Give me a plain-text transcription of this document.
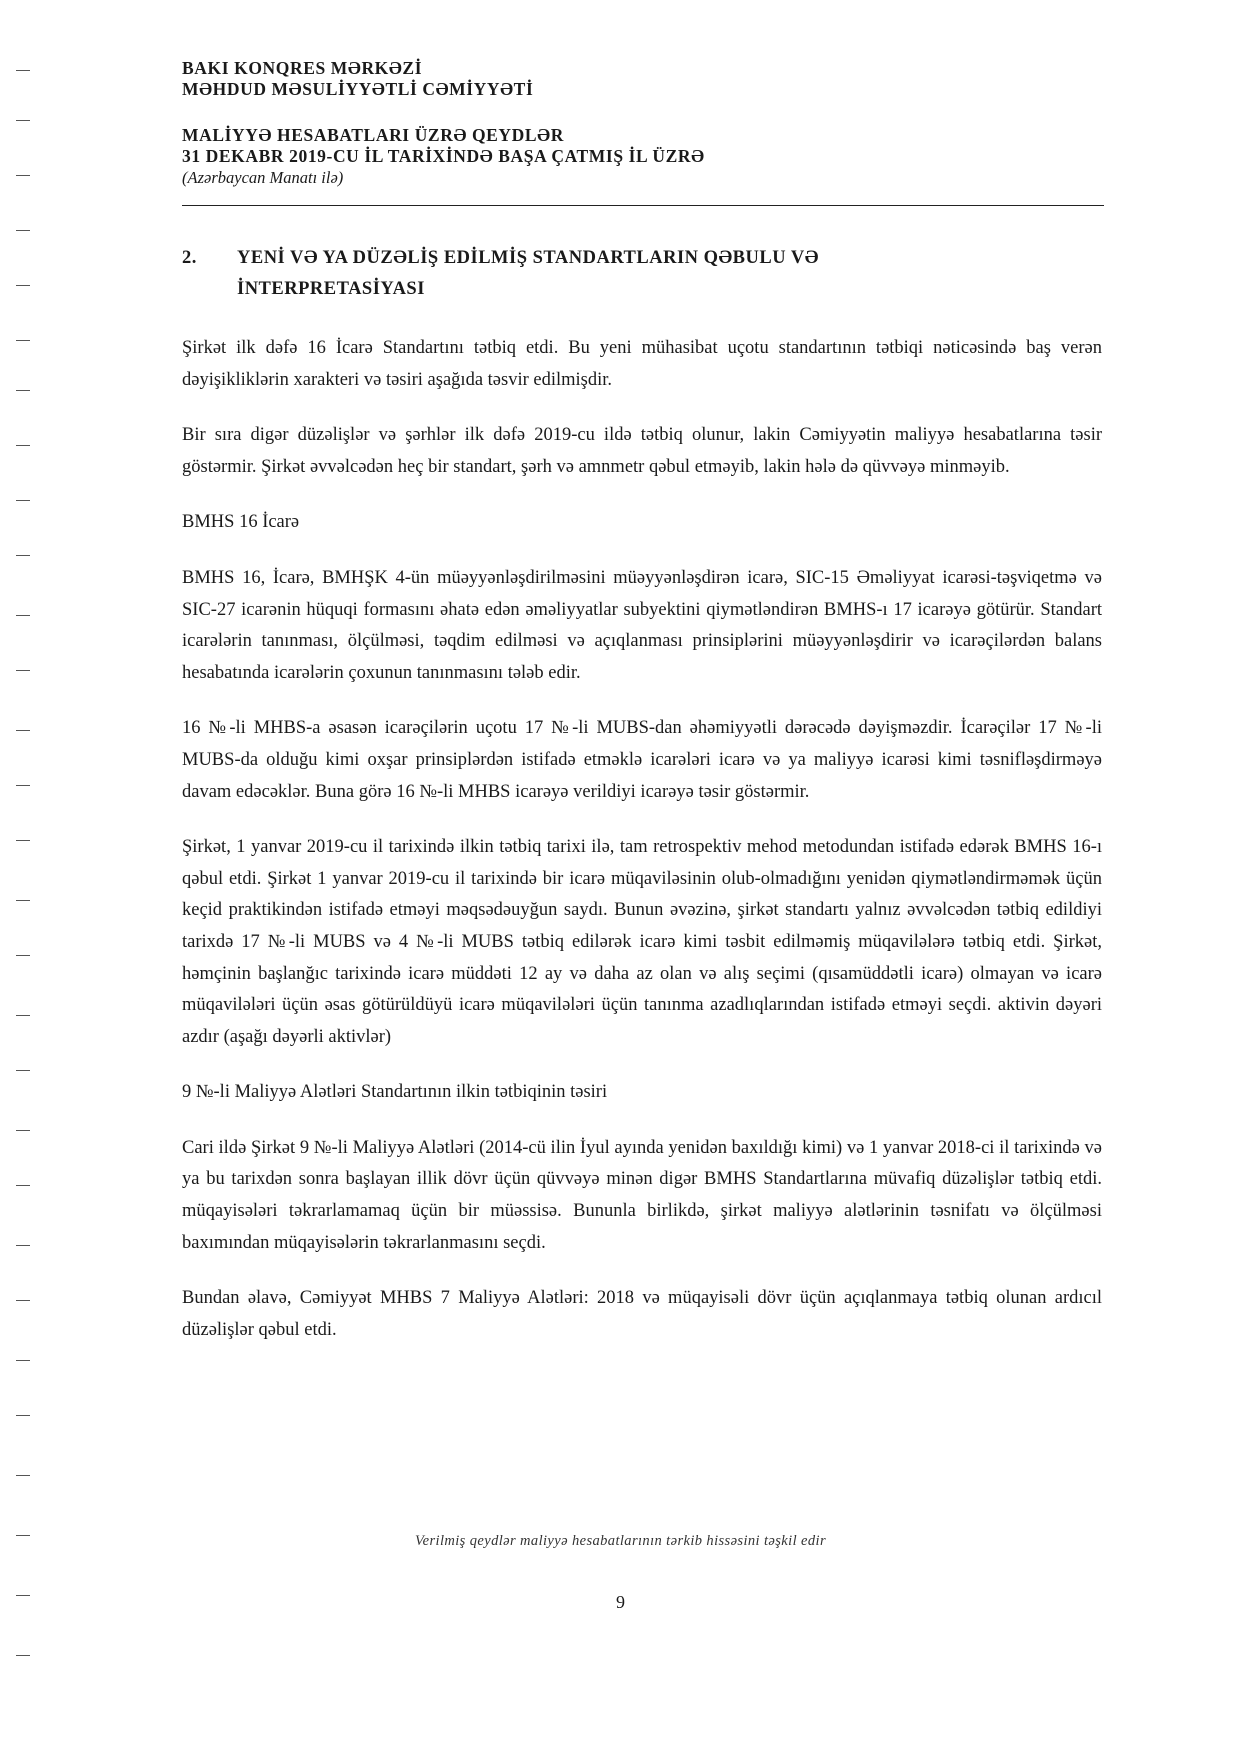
BAKI KONQRES MƏRKƏZİ
MƏHDUD MƏSULİYYƏTLİ CƏMİYYƏTİ
MALİYYƏ HESABATLARI ÜZRƏ QEYDLƏR
31 DEKABR 2019-CU İL TARİXİNDƏ BAŞA ÇATMIŞ İL ÜZRƏ
(Azərbaycan Manatı ilə)
2. YENİ VƏ YA DÜZƏLİŞ EDİLMİŞ STANDARTLARIN QƏBULU VƏ
İNTERPRETASİYASI

Şirkət ilk dəfə 16 İcarə Standartını tətbiq etdi. Bu yeni mühasibat uçotu standartının tətbiqi nəticəsində baş verən dəyişikliklərin xarakteri və təsiri aşağıda təsvir edilmişdir.

Bir sıra digər düzəlişlər və şərhlər ilk dəfə 2019-cu ildə tətbiq olunur, lakin Cəmiyyətin maliyyə hesabatlarına təsir göstərmir. Şirkət əvvəlcədən heç bir standart, şərh və amnmetr qəbul etməyib, lakin hələ də qüvvəyə minməyib.

BMHS 16 İcarə

BMHS 16, İcarə, BMHŞK 4-ün müəyyənləşdirilməsini müəyyənləşdirən icarə, SIC-15 Əməliyyat icarəsi-təşviqetmə və SIC-27 icarənin hüquqi formasını əhatə edən əməliyyatlar subyektini qiymətləndirən BMHS-ı 17 icarəyə götürür. Standart icarələrin tanınması, ölçülməsi, təqdim edilməsi və açıqlanması prinsiplərini müəyyənləşdirir və icarəçilərdən balans hesabatında icarələrin çoxunun tanınmasını tələb edir.

16 №-li MHBS-a əsasən icarəçilərin uçotu 17 №-li MUBS-dan əhəmiyyətli dərəcədə dəyişməzdir. İcarəçilər 17 №-li MUBS-da olduğu kimi oxşar prinsiplərdən istifadə etməklə icarələri icarə və ya maliyyə icarəsi kimi təsnifləşdirməyə davam edəcəklər. Buna görə 16 №-li MHBS icarəyə verildiyi icarəyə təsir göstərmir.

Şirkət, 1 yanvar 2019-cu il tarixində ilkin tətbiq tarixi ilə, tam retrospektiv mehod metodundan istifadə edərək BMHS 16-ı qəbul etdi. Şirkət 1 yanvar 2019-cu il tarixində bir icarə müqaviləsinin olub-olmadığını yenidən qiymətləndirməmək üçün keçid praktikindən istifadə etməyi məqsədəuyğun saydı. Bunun əvəzinə, şirkət standartı yalnız əvvəlcədən tətbiq edildiyi tarixdə 17 №-li MUBS və 4 №-li MUBS tətbiq edilərək icarə kimi təsbit edilməmiş müqavilələrə tətbiq etdi. Şirkət, həmçinin başlanğıc tarixində icarə müddəti 12 ay və daha az olan və alış seçimi (qısamüddətli icarə) olmayan və icarə müqavilələri üçün əsas götürüldüyü icarə müqavilələri üçün tanınma azadlıqlarından istifadə etməyi seçdi. aktivin dəyəri azdır (aşağı dəyərli aktivlər)

9 №-li Maliyyə Alətləri Standartının ilkin tətbiqinin təsiri

Cari ildə Şirkət 9 №-li Maliyyə Alətləri (2014-cü ilin İyul ayında yenidən baxıldığı kimi) və 1 yanvar 2018-ci il tarixində və ya bu tarixdən sonra başlayan illik dövr üçün qüvvəyə minən digər BMHS Standartlarına müvafiq düzəlişlər tətbiq etdi. müqayisələri təkrarlamamaq üçün bir müəssisə. Bununla birlikdə, şirkət maliyyə alətlərinin təsnifatı və ölçülməsi baxımından müqayisələrin təkrarlanmasını seçdi.

Bundan əlavə, Cəmiyyət MHBS 7 Maliyyə Alətləri: 2018 və müqayisəli dövr üçün açıqlanmaya tətbiq olunan ardıcıl düzəlişlər qəbul etdi.

Verilmiş qeydlər maliyyə hesabatlarının tərkib hissəsini təşkil edir
9
